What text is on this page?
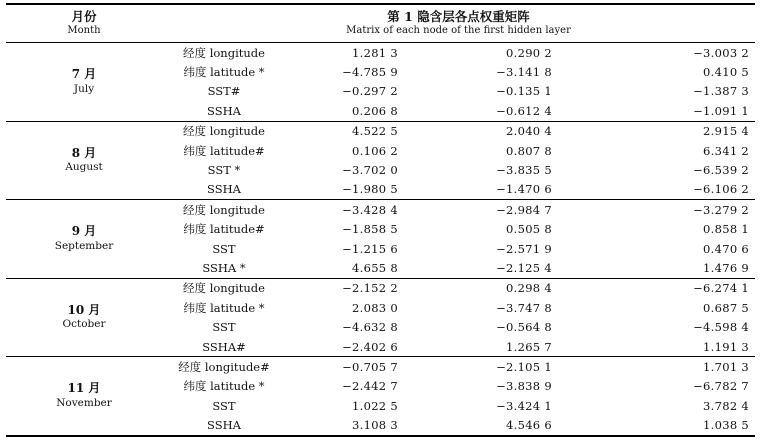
月份
Month	第 1 隐含层各点权重矩阵
Matrix of each node of the first hidden layer			

7 月
July	经度 longitude	1.281 3	0.290 2	−3.003 2
	纬度 latitude *	−4.785 9	−3.141 8	0.410 5
	SST#	−0.297 2	−0.135 1	−1.387 3
	SSHA	0.206 8	−0.612 4	−1.091 1

8 月
August	经度 longitude	4.522 5	2.040 4	2.915 4
	纬度 latitude#	0.106 2	0.807 8	6.341 2
	SST *	−3.702 0	−3.835 5	−6.539 2
	SSHA	−1.980 5	−1.470 6	−6.106 2

9 月
September	经度 longitude	−3.428 4	−2.984 7	−3.279 2
	纬度 latitude#	−1.858 5	0.505 8	0.858 1
	SST	−1.215 6	−2.571 9	0.470 6
	SSHA *	4.655 8	−2.125 4	1.476 9

10 月
October	经度 longitude	−2.152 2	0.298 4	−6.274 1
	纬度 latitude *	2.083 0	−3.747 8	0.687 5
	SST	−4.632 8	−0.564 8	−4.598 4
	SSHA#	−2.402 6	1.265 7	1.191 3

11 月
November	经度 longitude#	−0.705 7	−2.105 1	1.701 3
	纬度 latitude *	−2.442 7	−3.838 9	−6.782 7
	SST	1.022 5	−3.424 1	3.782 4
	SSHA	3.108 3	4.546 6	1.038 5
